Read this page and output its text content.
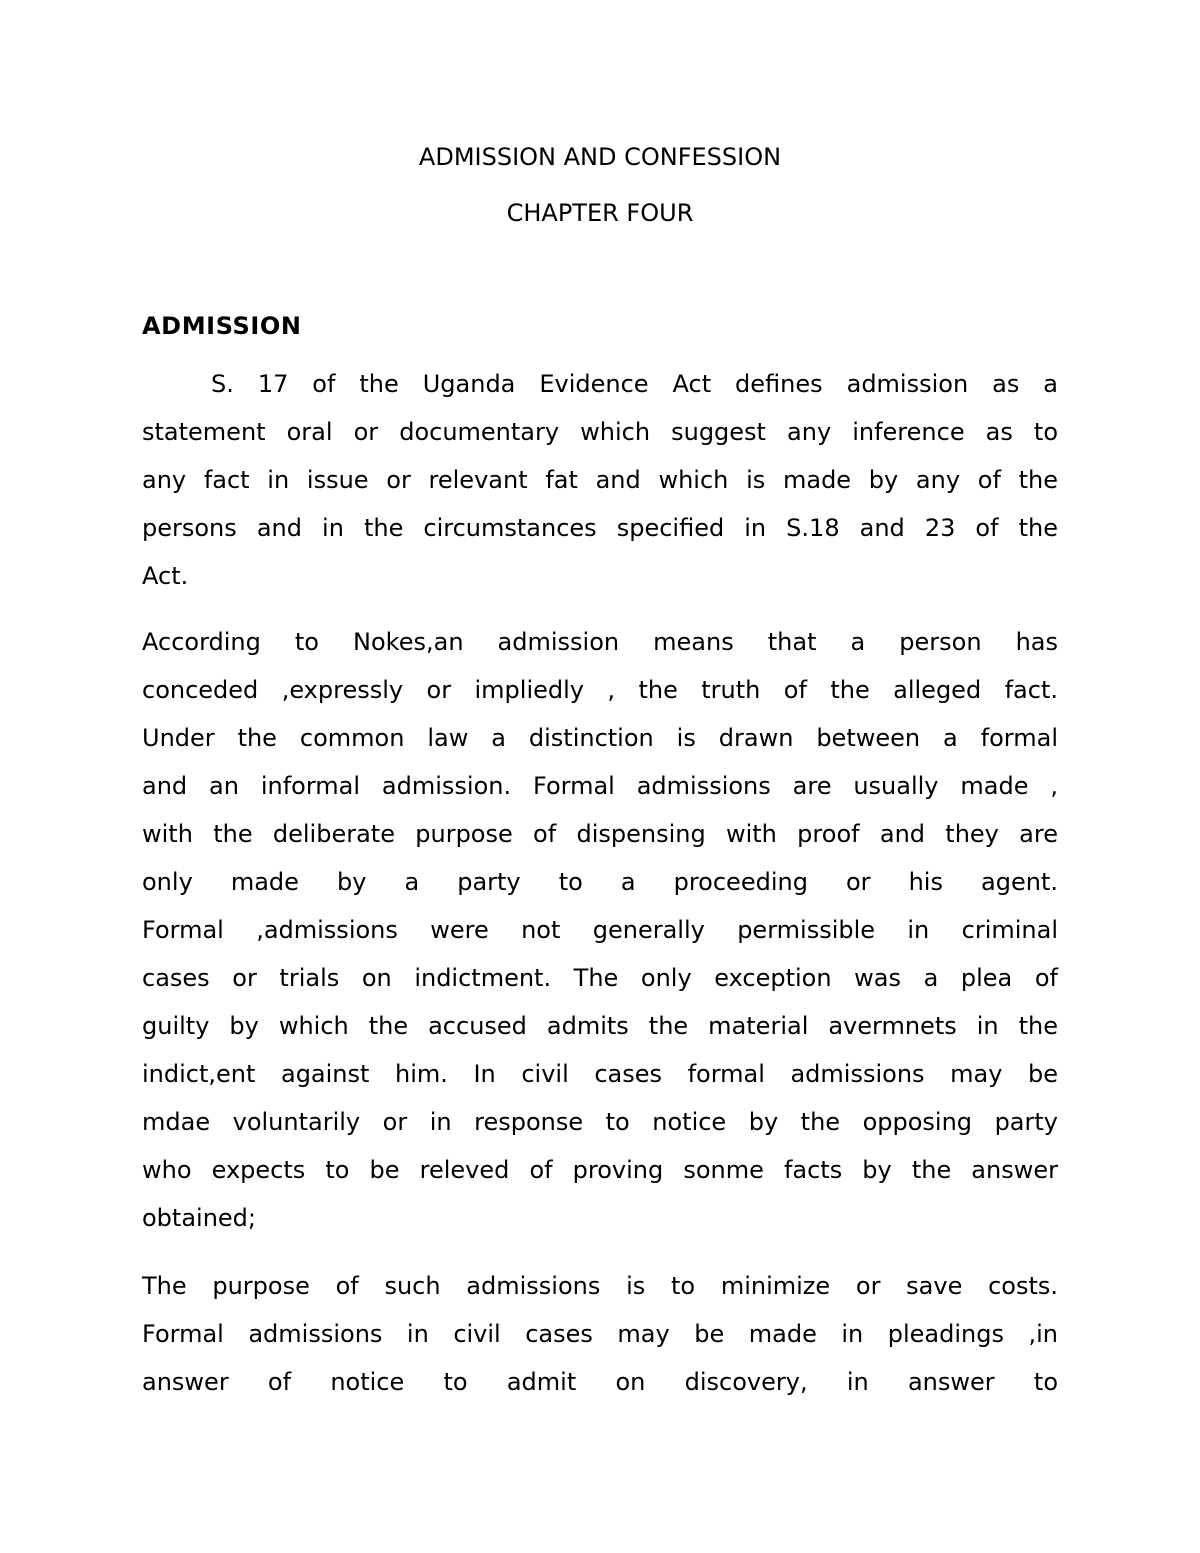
ADMISSION AND CONFESSION
CHAPTER FOUR
ADMISSION
S. 17 of the Uganda Evidence Act defines admission as a
statement oral or documentary which suggest any inference as to
any fact in issue or relevant fat and which is made by any of the
persons and in the circumstances specified in S.18 and 23 of the
Act.
According to Nokes,an admission means that a person has
conceded ,expressly or impliedly , the truth of the alleged fact.
Under the common law a distinction is drawn between a formal
and an informal admission. Formal admissions are usually made ,
with the deliberate purpose of dispensing with proof and they are
only made by a party to a proceeding or his agent.
Formal ,admissions were not generally permissible in criminal
cases or trials on indictment. The only exception was a plea of
guilty by which the accused admits the material avermnets in the
indict,ent against him. In civil cases formal admissions may be
mdae voluntarily or in response to notice by the opposing party
who expects to be releved of proving sonme facts by the answer
obtained;
The purpose of such admissions is to minimize or save costs.
Formal admissions in civil cases may be made in pleadings ,in
answer of notice to admit on discovery, in answer to
